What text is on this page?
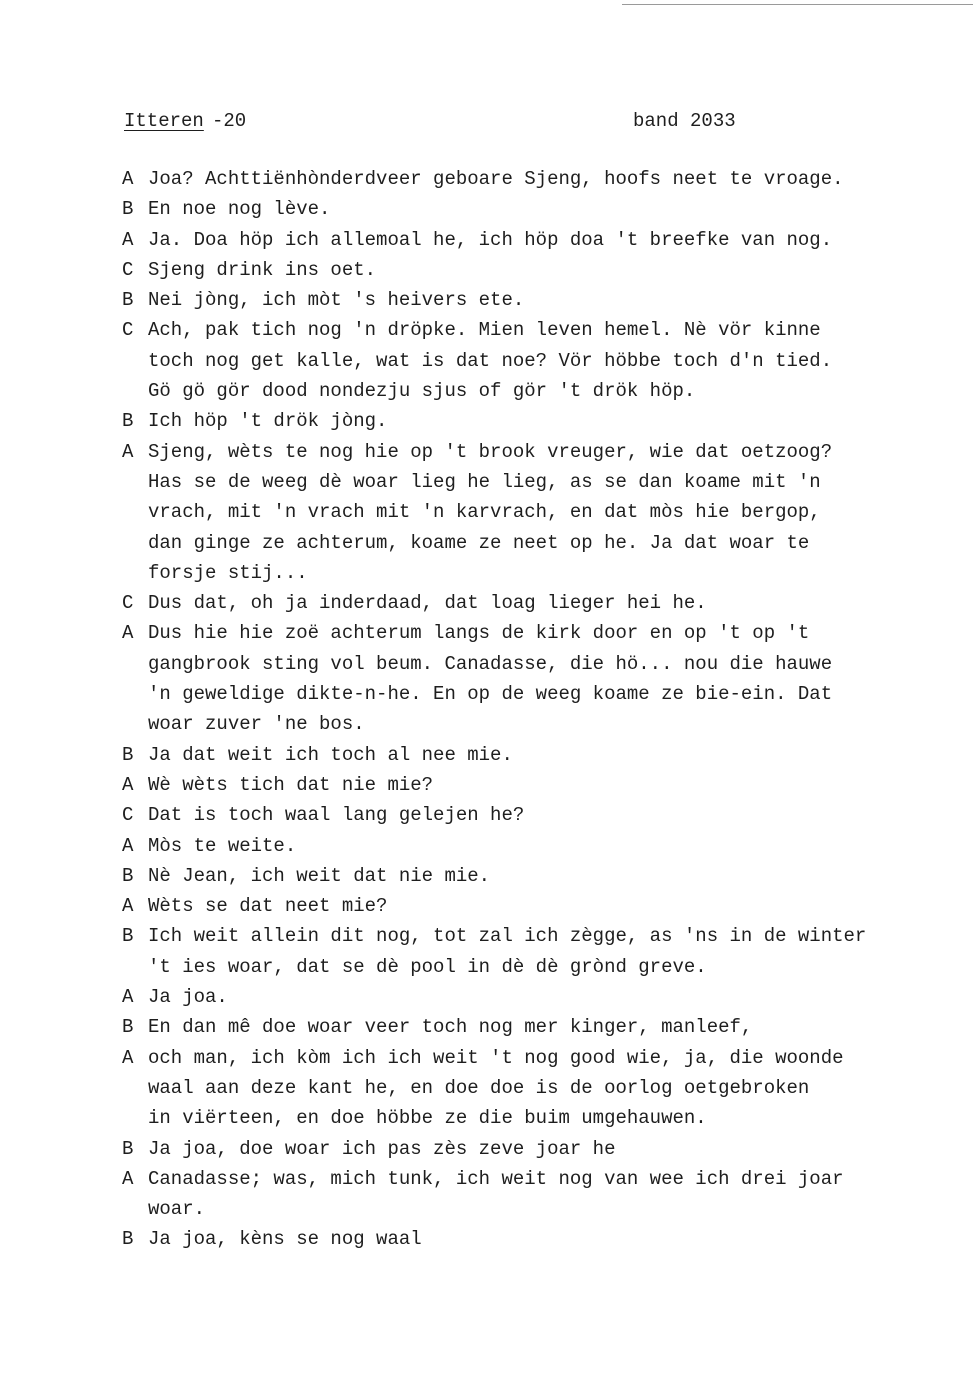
Itteren -20	band 2033
A Joa? Achttiënhònderdveer geboare Sjeng, hoofs neet te vroage.
B En noe nog lève.
A Ja. Doa höp ich allemoal he, ich höp doa 't breefke van nog.
C Sjeng drink ins oet.
B Nei jòng, ich mòt 's heivers ete.
C Ach, pak tich nog 'n dröpke. Mien leven hemel. Nè vör kinne
toch nog get kalle, wat is dat noe? Vör höbbe toch d'n tied.
Gö gö gör dood nondezju sjus of gör 't drök höp.
B Ich höp 't drök jòng.
A Sjeng, wèts te nog hie op 't brook vreuger, wie dat oetzoog?
Has se de weeg dè woar lieg he lieg, as se dan koame mit 'n
vrach, mit 'n vrach mit 'n karvrach, en dat mòs hie bergop,
dan ginge ze achterum, koame ze neet op he. Ja dat woar te
forsje stij...
C Dus dat, oh ja inderdaad, dat loag lieger hei he.
A Dus hie hie zoë achterum langs de kirk door en op 't op 't
gangbrook sting vol beum. Canadasse, die hö... nou die hauwe
'n geweldige dikte-n-he. En op de weeg koame ze bie-ein. Dat
woar zuver 'ne bos.
B Ja dat weit ich toch al nee mie.
A Wè wèts tich dat nie mie?
C Dat is toch waal lang gelejen he?
A Mòs te weite.
B Nè Jean, ich weit dat nie mie.
A Wèts se dat neet mie?
B Ich weit allein dit nog, tot zal ich zègge, as 'ns in de winter
't ies woar, dat se dè pool in dè dè grònd greve.
A Ja joa.
B En dan mê doe woar veer toch nog mer kinger, manleef,
A och man, ich kòm ich ich weit 't nog good wie, ja, die woonde
waal aan deze kant he, en doe doe is de oorlog oetgebroken
in viërteen, en doe höbbe ze die buim umgehauwen.
B Ja joa, doe woar ich pas zès zeve joar he
A Canadasse; was, mich tunk, ich weit nog van wee ich drei joar
woar.
B Ja joa, kèns se nog waal
